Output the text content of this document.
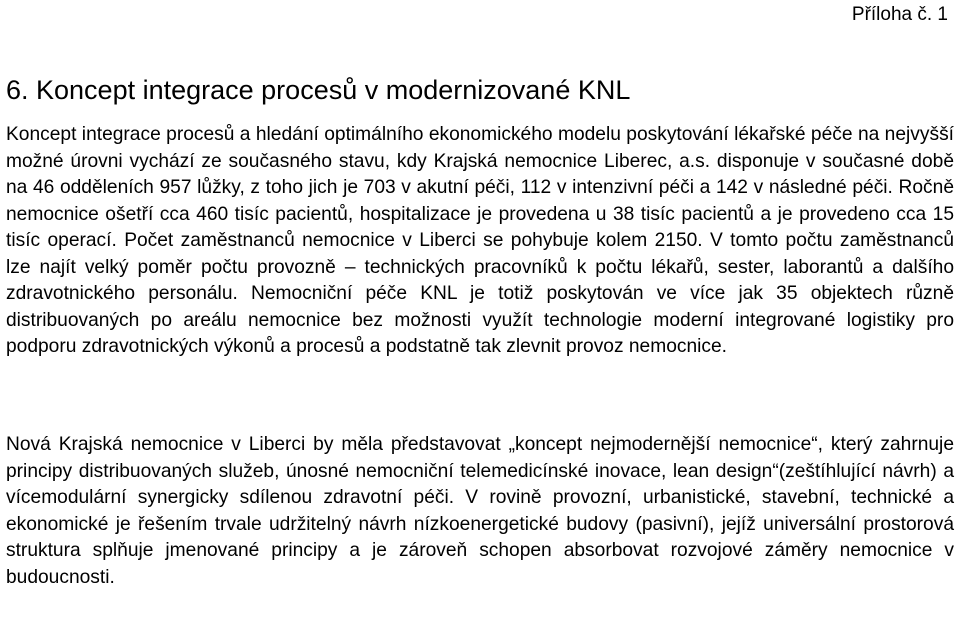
Příloha č. 1
6. Koncept integrace procesů v modernizované KNL

Koncept integrace procesů a hledání optimálního ekonomického modelu poskytování lékařské péče na nejvyšší možné úrovni vychází ze současného stavu, kdy Krajská nemocnice Liberec, a.s. disponuje v současné době na 46 odděleních 957 lůžky, z toho jich je 703 v akutní péči, 112 v intenzivní péči a 142 v následné péči. Ročně nemocnice ošetří cca 460 tisíc pacientů, hospitalizace je provedena u 38 tisíc pacientů a je provedeno cca 15 tisíc operací. Počet zaměstnanců nemocnice v Liberci se pohybuje kolem 2150. V tomto počtu zaměstnanců lze najít velký poměr počtu provozně – technických pracovníků k počtu lékařů, sester, laborantů a dalšího zdravotnického personálu. Nemocniční péče KNL je totiž poskytován ve více jak 35 objektech různě distribuovaných po areálu nemocnice bez možnosti využít technologie moderní integrované logistiky pro podporu zdravotnických výkonů a procesů a podstatně tak zlevnit provoz nemocnice.

Nová Krajská nemocnice v Liberci by měla představovat „koncept nejmodernější nemocnice“, který zahrnuje principy distribuovaných služeb, únosné nemocniční telemedicínské inovace, lean design“(zeštíhlující návrh) a vícemodulární synergicky sdílenou zdravotní péči. V rovině provozní, urbanistické, stavební, technické a ekonomické je řešením trvale udržitelný návrh nízkoenergetické budovy (pasivní), jejíž universální prostorová struktura splňuje jmenované principy a je zároveň schopen absorbovat rozvojové záměry nemocnice v budoucnosti.
